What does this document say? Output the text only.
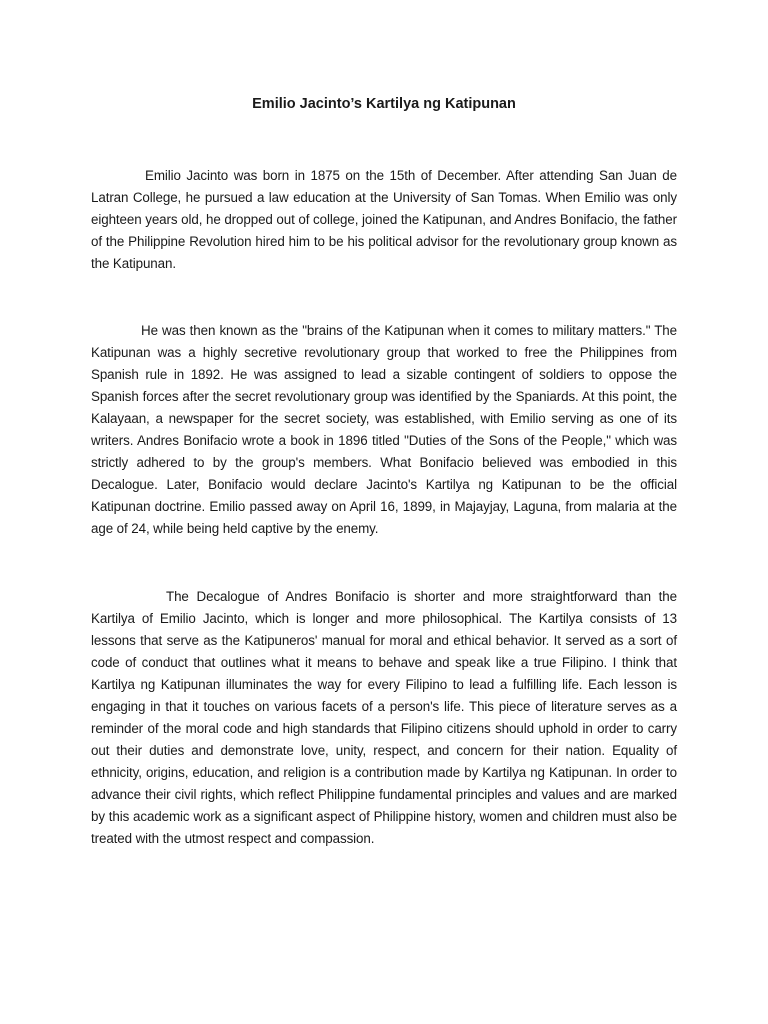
Emilio Jacinto’s Kartilya ng Katipunan

Emilio Jacinto was born in 1875 on the 15th of December. After attending San Juan de Latran College, he pursued a law education at the University of San Tomas. When Emilio was only eighteen years old, he dropped out of college, joined the Katipunan, and Andres Bonifacio, the father of the Philippine Revolution hired him to be his political advisor for the revolutionary group known as the Katipunan.

He was then known as the "brains of the Katipunan when it comes to military matters." The Katipunan was a highly secretive revolutionary group that worked to free the Philippines from Spanish rule in 1892. He was assigned to lead a sizable contingent of soldiers to oppose the Spanish forces after the secret revolutionary group was identified by the Spaniards. At this point, the Kalayaan, a newspaper for the secret society, was established, with Emilio serving as one of its writers. Andres Bonifacio wrote a book in 1896 titled "Duties of the Sons of the People," which was strictly adhered to by the group's members. What Bonifacio believed was embodied in this Decalogue. Later, Bonifacio would declare Jacinto's Kartilya ng Katipunan to be the official Katipunan doctrine. Emilio passed away on April 16, 1899, in Majayjay, Laguna, from malaria at the age of 24, while being held captive by the enemy.

The Decalogue of Andres Bonifacio is shorter and more straightforward than the Kartilya of Emilio Jacinto, which is longer and more philosophical. The Kartilya consists of 13 lessons that serve as the Katipuneros' manual for moral and ethical behavior. It served as a sort of code of conduct that outlines what it means to behave and speak like a true Filipino. I think that Kartilya ng Katipunan illuminates the way for every Filipino to lead a fulfilling life. Each lesson is engaging in that it touches on various facets of a person's life. This piece of literature serves as a reminder of the moral code and high standards that Filipino citizens should uphold in order to carry out their duties and demonstrate love, unity, respect, and concern for their nation. Equality of ethnicity, origins, education, and religion is a contribution made by Kartilya ng Katipunan. In order to advance their civil rights, which reflect Philippine fundamental principles and values and are marked by this academic work as a significant aspect of Philippine history, women and children must also be treated with the utmost respect and compassion.
